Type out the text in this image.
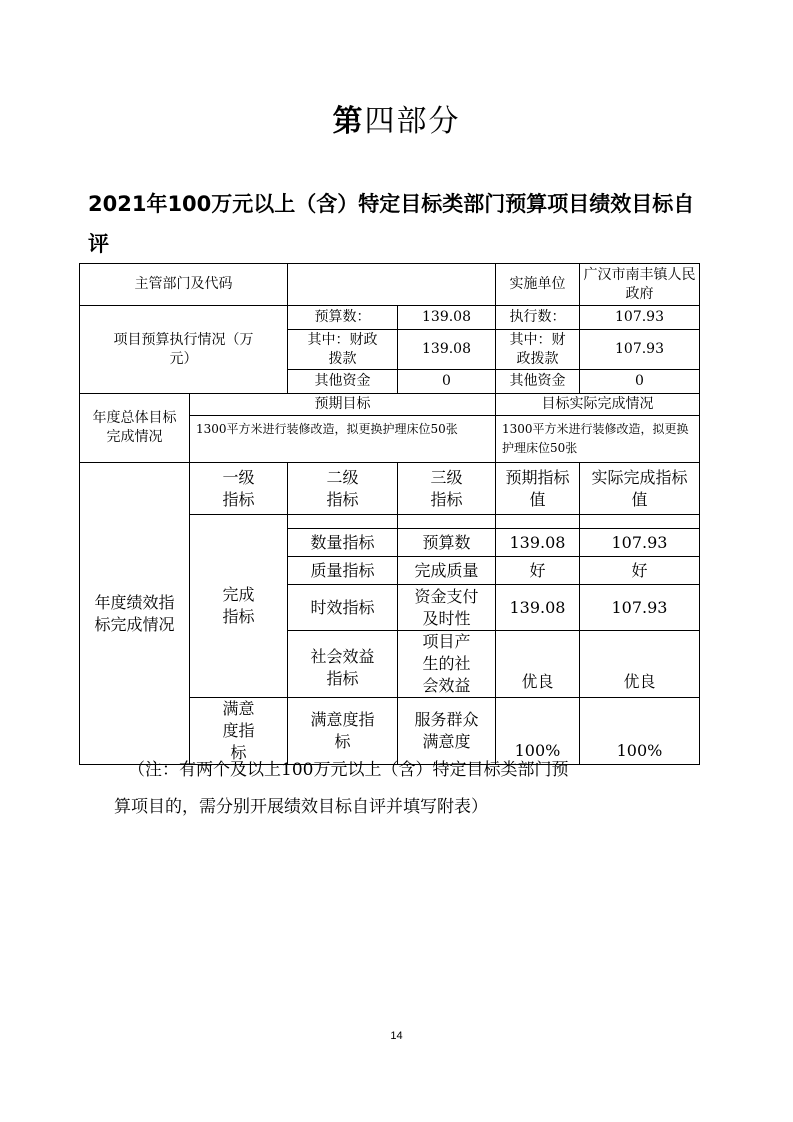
第四部分
2021年100万元以上（含）特定目标类部门预算项目绩效目标自评
主管部门及代码				实施单位	广汉市南丰镇人民政府
项目预算执行情况（万元）		预算数：	139.08	执行数：	107.93
		其中：财政拨款	139.08	其中：财政拨款	107.93
		其他资金	0	其他资金	0
年度总体目标完成情况	预期目标			目标实际完成情况	
	1300平方米进行装修改造，拟更换护理床位50张			1300平方米进行装修改造，拟更换护理床位50张	
年度绩效指标完成情况	一级指标	二级指标	三级指标	预期指标值	实际完成指标值
	完成指标				
		数量指标	预算数	139.08	107.93
		质量指标	完成质量	好	好
		时效指标	资金支付及时性	139.08	107.93
		社会效益指标	项目产生的社会效益	优良	优良
	满意度指标	满意度指标	服务群众满意度	100%	100%
（注：有两个及以上100万元以上（含）特定目标类部门预
算项目的，需分别开展绩效目标自评并填写附表）
14
